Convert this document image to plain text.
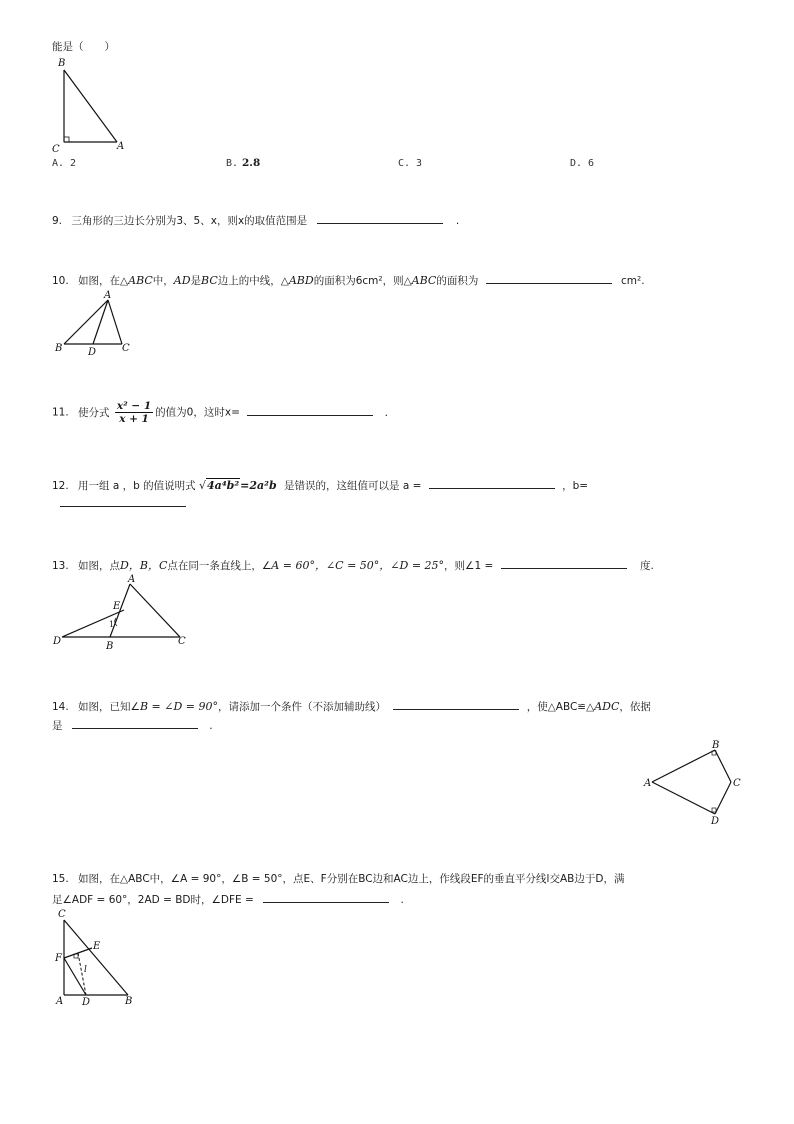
能是（　　）
B
C	A
A. 2	B. 2.8	C. 3	D. 6
9. 三角形的三边长分别为3、5、x，则x的取值范围是	.
10. 如图，在△ABC中，AD是BC边上的中线，△ABD的面积为6cm²，则△ABC的面积为	cm².
A
B	D	C
11. 使分式 $\frac{\text{x² − 1}}{x + 1}$ 的值为0，这时x=	.
12. 用一组 a ，b 的值说明式 √4a⁴b²=2a²b 是错误的，这组值可以是 a =	，b=
13. 如图，点D，B，C点在同一条直线上，∠A = 60°，∠C = 50°，∠D = 25°，则∠1 =	度.
A
E
1
D	B	C
14. 如图，已知∠B = ∠D = 90°，请添加一个条件（不添加辅助线）	，使△ABC≌△ADC，依据
是	.
B
A	C
D
15. 如图，在△ABC中，∠A = 90°，∠B = 50°，点E、F分别在BC边和AC边上，作线段EF的垂直平分线l交AB边于D，满
足∠ADF = 60°，2AD = BD时，∠DFE =	.
C
E
F
l
A D	B
